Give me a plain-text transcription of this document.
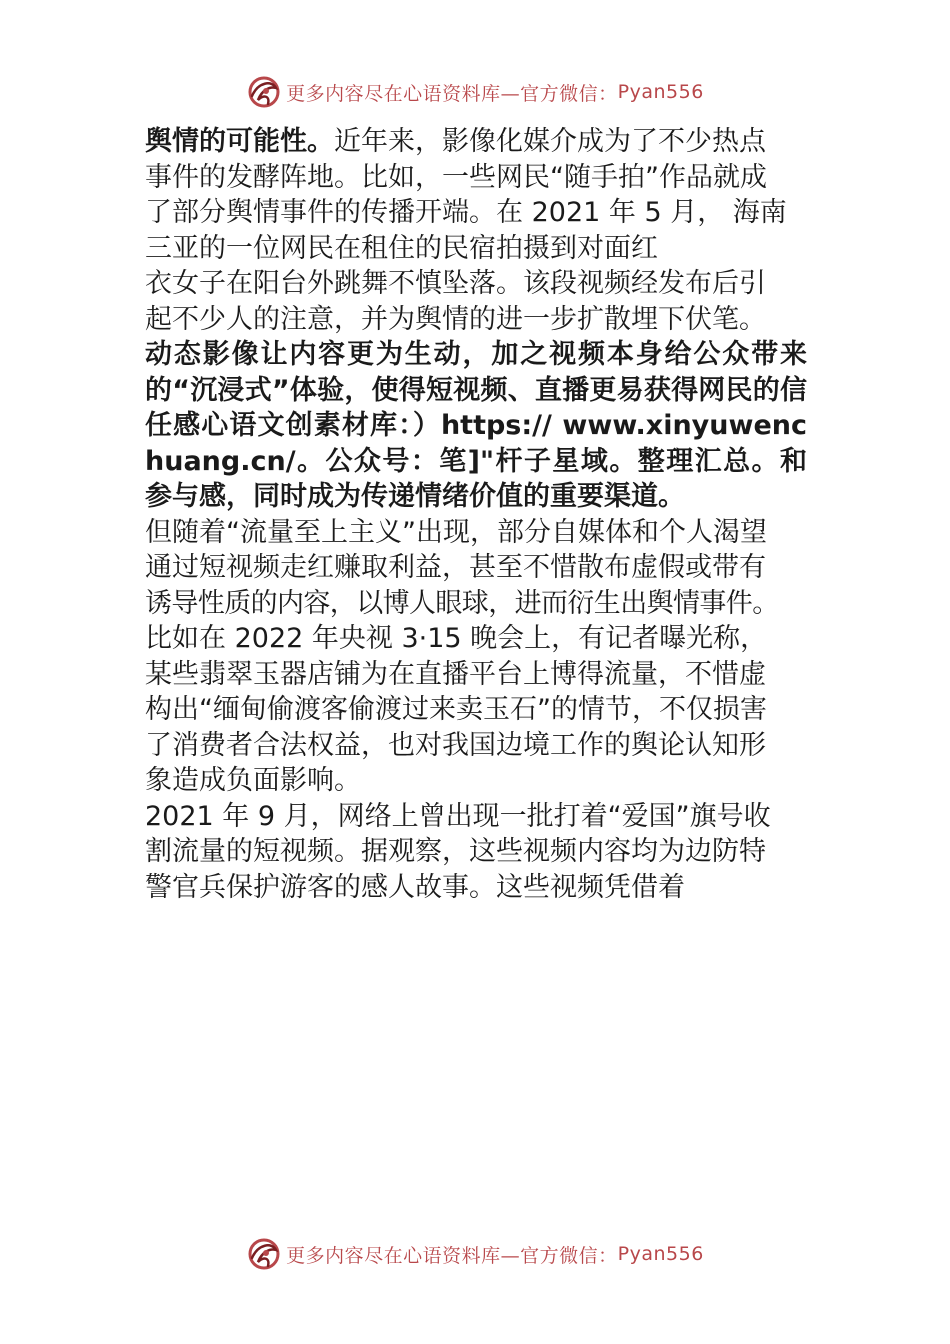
更多内容尽在心语资料库—官方微信： Pyan556

舆情的可能性。近年来，影像化媒介成为了不少热点
事件的发酵阵地。比如，一些网民“随手拍”作品就成
了部分舆情事件的传播开端。在 2021 年 5 月， 海南
三亚的一位网民在租住的民宿拍摄到对面红

衣女子在阳台外跳舞不慎坠落。该段视频经发布后引
起不少人的注意，并为舆情的进一步扩散埋下伏笔。

动态影像让内容更为生动，加之视频本身给公众带来的“沉浸式”体验，使得短视频、直播更易获得网民的信任感心语文创素材库：）https:// www.xinyuwenchuang.cn/。公众号：笔]"杆子星域。整理汇总。和参与感，同时成为传递情绪价值的重要渠道。

但随着“流量至上主义”出现，部分自媒体和个人渴望
通过短视频走红赚取利益，甚至不惜散布虚假或带有
诱导性质的内容，以博人眼球，进而衍生出舆情事件。
比如在 2022 年央视 3·15 晚会上，有记者曝光称，
某些翡翠玉器店铺为在直播平台上博得流量，不惜虚
构出“缅甸偷渡客偷渡过来卖玉石”的情节，不仅损害
了消费者合法权益，也对我国边境工作的舆论认知形
象造成负面影响。

2021 年 9 月，网络上曾出现一批打着“爱国”旗号收
割流量的短视频。据观察，这些视频内容均为边防特
警官兵保护游客的感人故事。这些视频凭借着

更多内容尽在心语资料库—官方微信： Pyan556
